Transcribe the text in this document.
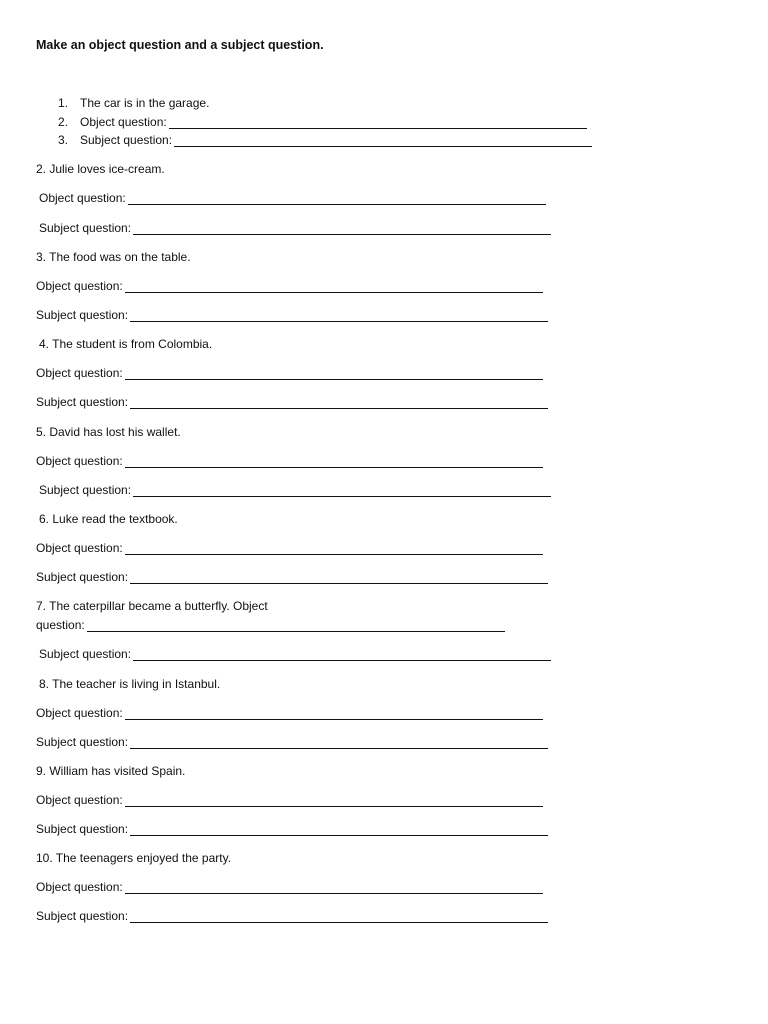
Make an object question and a subject question.
1. The car is in the garage.
2. Object question:
3. Subject question:
2. Julie loves ice-cream.
Object question:
Subject question:
3. The food was on the table.
Object question:
Subject question:
4. The student is from Colombia.
Object question:
Subject question:
5. David has lost his wallet.
Object question:
Subject question:
6. Luke read the textbook.
Object question:
Subject question:
7. The caterpillar became a butterfly. Object
question:
Subject question:
8. The teacher is living in Istanbul.
Object question:
Subject question:
9. William has visited Spain.
Object question:
Subject question:
10. The teenagers enjoyed the party.
Object question:
Subject question:
